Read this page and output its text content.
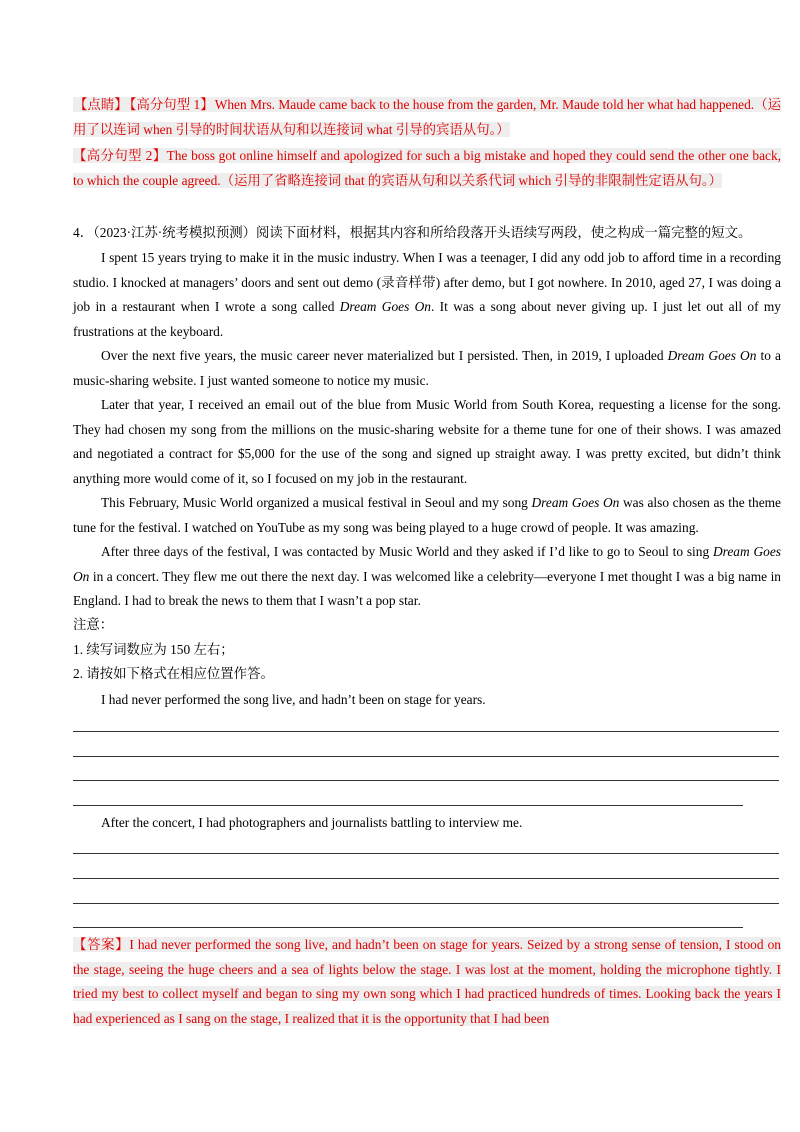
【点睛】 【高分句型 1】When Mrs. Maude came back to the house from the garden, Mr. Maude told her what had happened.（运用了以连词 when 引导的时间状语从句和以连接词 what 引导的宾语从句。）

【高分句型 2】The boss got online himself and apologized for such a big mistake and hoped they could send the other one back, to which the couple agreed.（运用了省略连接词 that 的宾语从句和以关系代词 which 引导的非限制性定语从句。）

4．（2023·江苏·统考模拟预测）阅读下面材料，根据其内容和所给段落开头语续写两段，使之构成一篇完整的短文。

I spent 15 years trying to make it in the music industry. When I was a teenager, I did any odd job to afford time in a recording studio. I knocked at managers’ doors and sent out demo (录音样带) after demo, but I got nowhere. In 2010, aged 27, I was doing a job in a restaurant when I wrote a song called Dream Goes On. It was a song about never giving up. I just let out all of my frustrations at the keyboard.

Over the next five years, the music career never materialized but I persisted. Then, in 2019, I uploaded Dream Goes On to a music-sharing website. I just wanted someone to notice my music.

Later that year, I received an email out of the blue from Music World from South Korea, requesting a license for the song. They had chosen my song from the millions on the music-sharing website for a theme tune for one of their shows. I was amazed and negotiated a contract for $5,000 for the use of the song and signed up straight away. I was pretty excited, but didn’t think anything more would come of it, so I focused on my job in the restaurant.

This February, Music World organized a musical festival in Seoul and my song Dream Goes On was also chosen as the theme tune for the festival. I watched on YouTube as my song was being played to a huge crowd of people. It was amazing.

After three days of the festival, I was contacted by Music World and they asked if I’d like to go to Seoul to sing Dream Goes On in a concert. They flew me out there the next day. I was welcomed like a celebrity—everyone I met thought I was a big name in England. I had to break the news to them that I wasn’t a pop star.

注意：

1. 续写词数应为 150 左右；

2. 请按如下格式在相应位置作答。

I had never performed the song live, and hadn’t been on stage for years.

After the concert, I had photographers and journalists battling to interview me.

【答案】I had never performed the song live, and hadn’t been on stage for years. Seized by a strong sense of tension, I stood on the stage, seeing the huge cheers and a sea of lights below the stage. I was lost at the moment, holding the microphone tightly. I tried my best to collect myself and began to sing my own song which I had practiced hundreds of times. Looking back the years I had experienced as I sang on the stage, I realized that it is the opportunity that I had been
